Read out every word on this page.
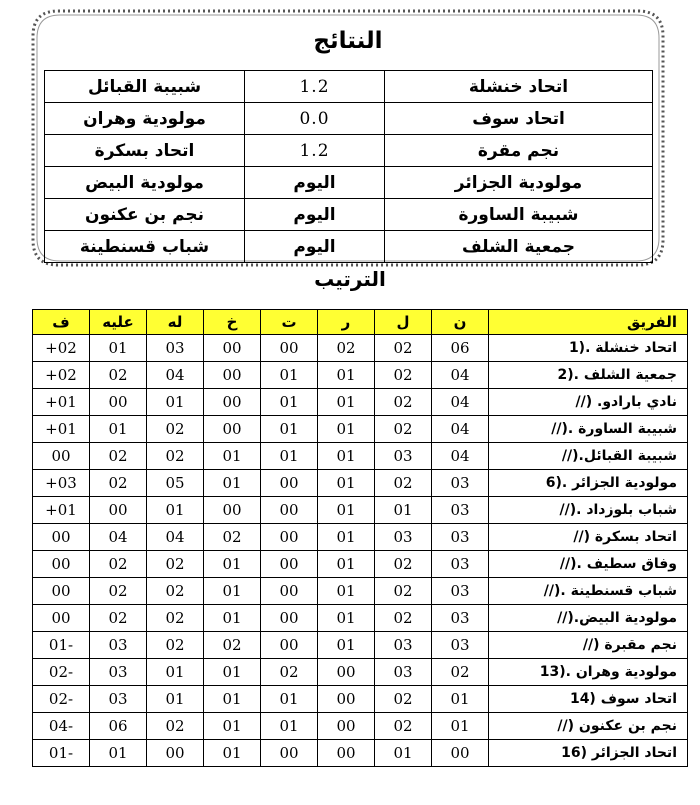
النتائج
شبيبة القبائل	1.2	اتحاد خنشلة
مولودية وهران	0.0	اتحاد سوف
اتحاد بسكرة	1.2	نجم مقرة
مولودية البيض	اليوم	مولودية الجزائر
نجم بن عكنون	اليوم	شبيبة الساورة
شباب قسنطينة	اليوم	جمعية الشلف
الترتيب
ف	عليه	له	خ	ت	ر	ل	ن	الفريق
+02	01	03	00	00	02	02	06	1). اتحاد خنشلة
+02	02	04	00	01	01	02	04	2). جمعية الشلف
+01	00	01	00	01	01	02	04	//) .نادي بارادو
+01	01	02	00	01	01	02	04	//). شبيبة الساورة
00	02	02	01	01	01	03	04	//).شبيبة القبائل
+03	02	05	01	00	01	02	03	6). مولودية الجزائر
+01	00	01	00	00	01	01	03	//). شباب بلوزداد
00	04	04	02	00	01	03	03	//) اتحاد بسكرة
00	02	02	01	00	01	02	03	//). وفاق سطيف
00	02	02	01	00	01	02	03	//). شباب قسنطينة
00	02	02	01	00	01	02	03	//).مولودية البيض
01-	03	02	02	00	01	03	03	//) نجم مقبرة
02-	03	01	01	02	00	03	02	13). مولودية وهران
02-	03	01	01	01	00	02	01	14) اتحاد سوف
04-	06	02	01	01	00	02	01	//) نجم بن عكنون
01-	01	00	01	00	00	01	00	16) اتحاد الجزائر
